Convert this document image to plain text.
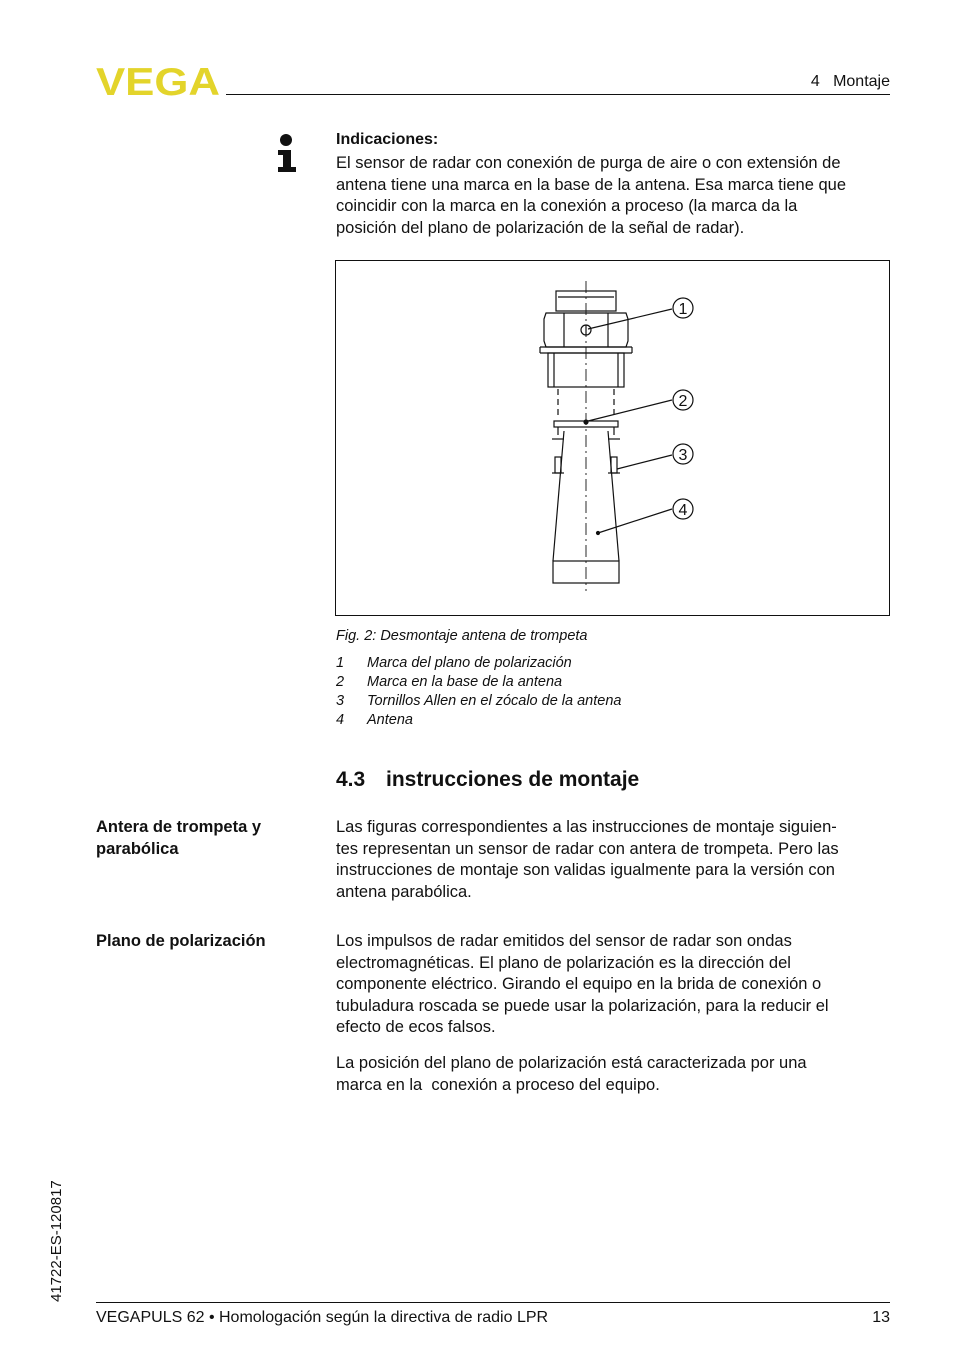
VEGA	4   Montaje
Indicaciones:
El sensor de radar con conexión de purga de aire o con extensión de
antena tiene una marca en la base de la antena. Esa marca tiene que
coincidir con la marca en la conexión a proceso (la marca da la
posición del plano de polarización de la señal de radar).
1
2
3
4
Fig. 2: Desmontaje antena de trompeta
1	Marca del plano de polarización
2	Marca en la base de la antena
3	Tornillos Allen en el zócalo de la antena
4	Antena
4.3 instrucciones de montaje
Antera de trompeta y
parabólica
Las figuras correspondientes a las instrucciones de montaje siguien-
tes representan un sensor de radar con antera de trompeta. Pero las
instrucciones de montaje son validas igualmente para la versión con
antena parabólica.
Plano de polarización	Los impulsos de radar emitidos del sensor de radar son ondas
electromagnéticas. El plano de polarización es la dirección del
componente eléctrico. Girando el equipo en la brida de conexión o
tubuladura roscada se puede usar la polarización, para la reducir el
efecto de ecos falsos.
La posición del plano de polarización está caracterizada por una
marca en la  conexión a proceso del equipo.
41722-ES-120817
VEGAPULS 62 • Homologación según la directiva de radio LPR	13
